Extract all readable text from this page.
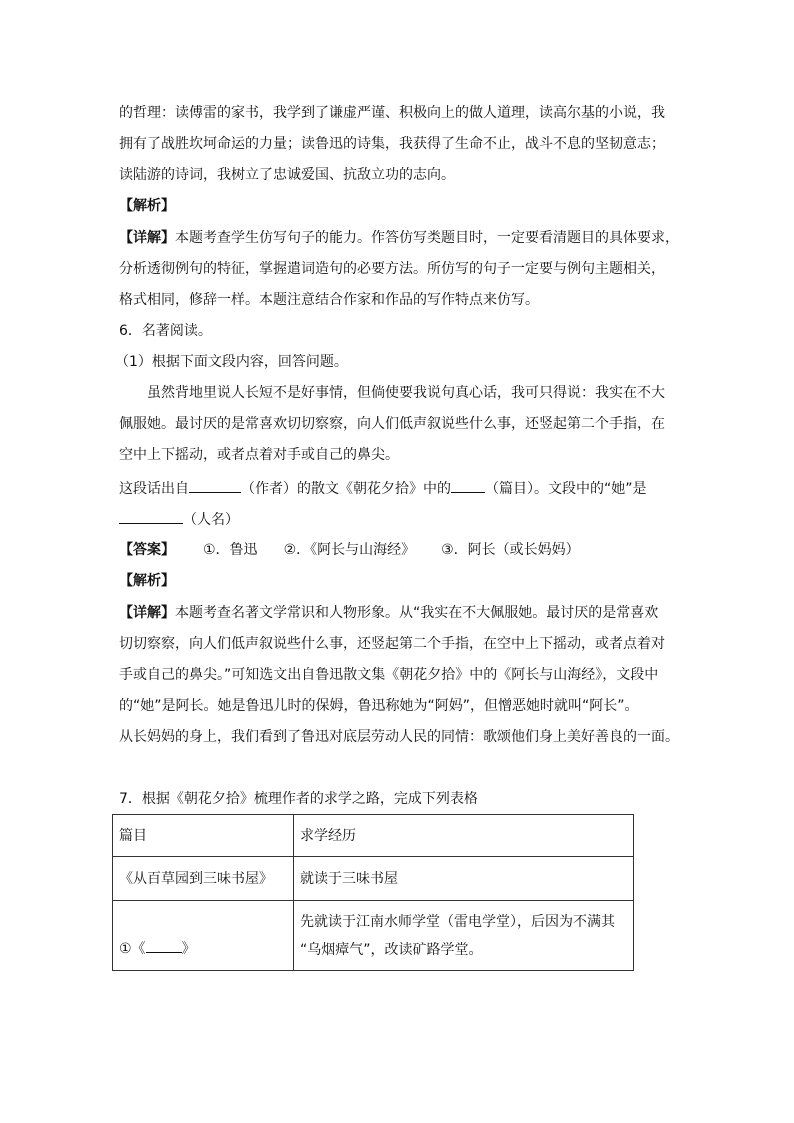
的哲理：读傅雷的家书，我学到了谦虚严谨、积极向上的做人道理，读高尔基的小说，我
拥有了战胜坎坷命运的力量；读鲁迅的诗集，我获得了生命不止，战斗不息的坚韧意志；
读陆游的诗词，我树立了忠诚爱国、抗敌立功的志向。
【解析】
【详解】本题考查学生仿写句子的能力。作答仿写类题目时，一定要看清题目的具体要求，
分析透彻例句的特征，掌握遣词造句的必要方法。所仿写的句子一定要与例句主题相关，
格式相同，修辞一样。本题注意结合作家和作品的写作特点来仿写。
6．名著阅读。
（1）根据下面文段内容，回答问题。
虽然背地里说人长短不是好事情，但倘使要我说句真心话，我可只得说：我实在不大
佩服她。最讨厌的是常喜欢切切察察，向人们低声叙说些什么事，还竖起第二个手指，在
空中上下摇动，或者点着对手或自己的鼻尖。
这段话出自	（作者）的散文《朝花夕拾》中的 （篇目）。文段中的“她”是
（人名）
【答案】 ①．鲁迅 ②．《阿长与山海经》 ③．阿长（或长妈妈）
【解析】
【详解】本题考查名著文学常识和人物形象。从“我实在不大佩服她。最讨厌的是常喜欢
切切察察，向人们低声叙说些什么事，还竖起第二个手指，在空中上下摇动，或者点着对
手或自己的鼻尖。”可知选文出自鲁迅散文集《朝花夕拾》中的《阿长与山海经》，文段中
的“她”是阿长。她是鲁迅儿时的保姆，鲁迅称她为“阿妈”，但憎恶她时就叫“阿长”。
从长妈妈的身上，我们看到了鲁迅对底层劳动人民的同情：歌颂他们身上美好善良的一面。
7．根据《朝花夕拾》梳理作者的求学之路，完成下列表格
篇目	求学经历
《从百草园到三味书屋》	就读于三味书屋
①《 》	先就读于江南水师学堂（雷电学堂），后因为不满其
“乌烟瘴气”，改读矿路学堂。
